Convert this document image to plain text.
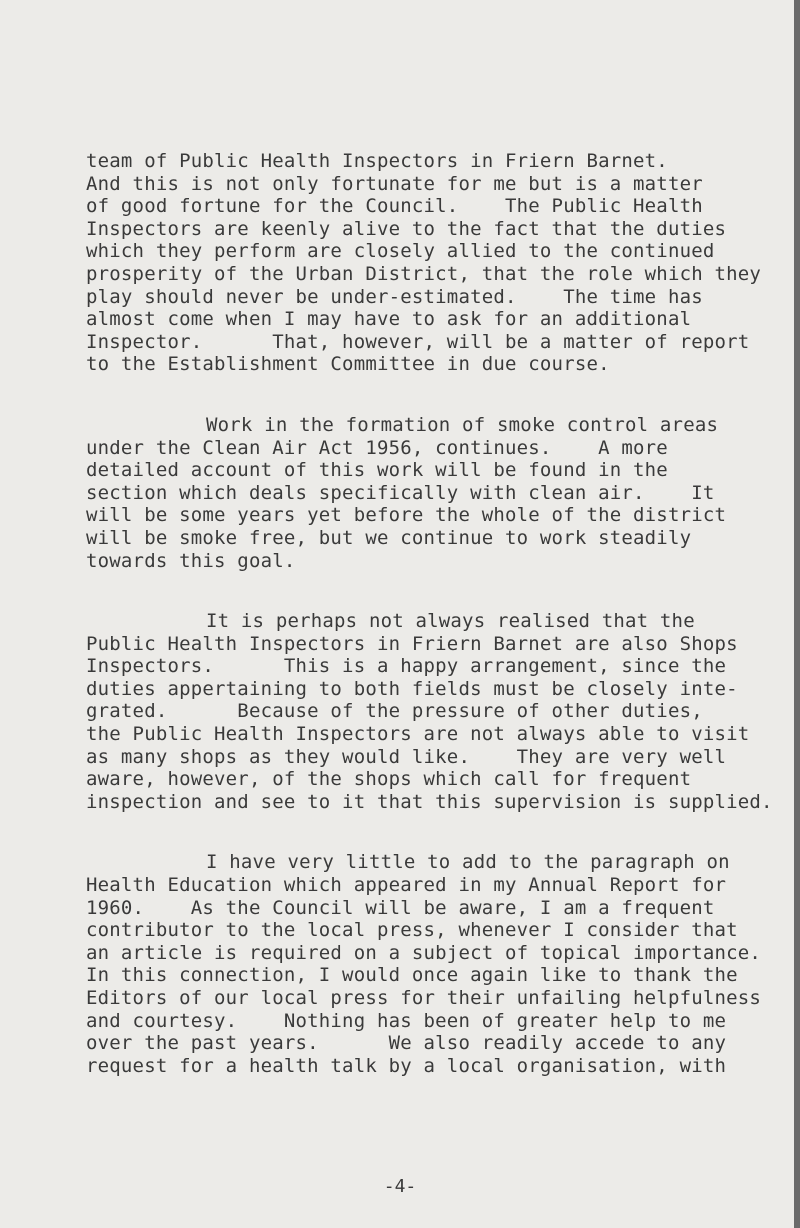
team of Public Health Inspectors in Friern Barnet.
And this is not only fortunate for me but is a matter
of good fortune for the Council.    The Public Health
Inspectors are keenly alive to the fact that the duties
which they perform are closely allied to the continued
prosperity of the Urban District, that the role which they
play should never be under-estimated.    The time has
almost come when I may have to ask for an additional
Inspector.      That, however, will be a matter of report
to the Establishment Committee in due course.
Work in the formation of smoke control areas
under the Clean Air Act 1956, continues.    A more
detailed account of this work will be found in the
section which deals specifically with clean air.    It
will be some years yet before the whole of the district
will be smoke free, but we continue to work steadily
towards this goal.
It is perhaps not always realised that the
Public Health Inspectors in Friern Barnet are also Shops
Inspectors.      This is a happy arrangement, since the
duties appertaining to both fields must be closely inte-
grated.      Because of the pressure of other duties,
the Public Health Inspectors are not always able to visit
as many shops as they would like.    They are very well
aware, however, of the shops which call for frequent
inspection and see to it that this supervision is supplied.
I have very little to add to the paragraph on
Health Education which appeared in my Annual Report for
1960.    As the Council will be aware, I am a frequent
contributor to the local press, whenever I consider that
an article is required on a subject of topical importance.
In this connection, I would once again like to thank the
Editors of our local press for their unfailing helpfulness
and courtesy.    Nothing has been of greater help to me
over the past years.      We also readily accede to any
request for a health talk by a local organisation, with
-4-
